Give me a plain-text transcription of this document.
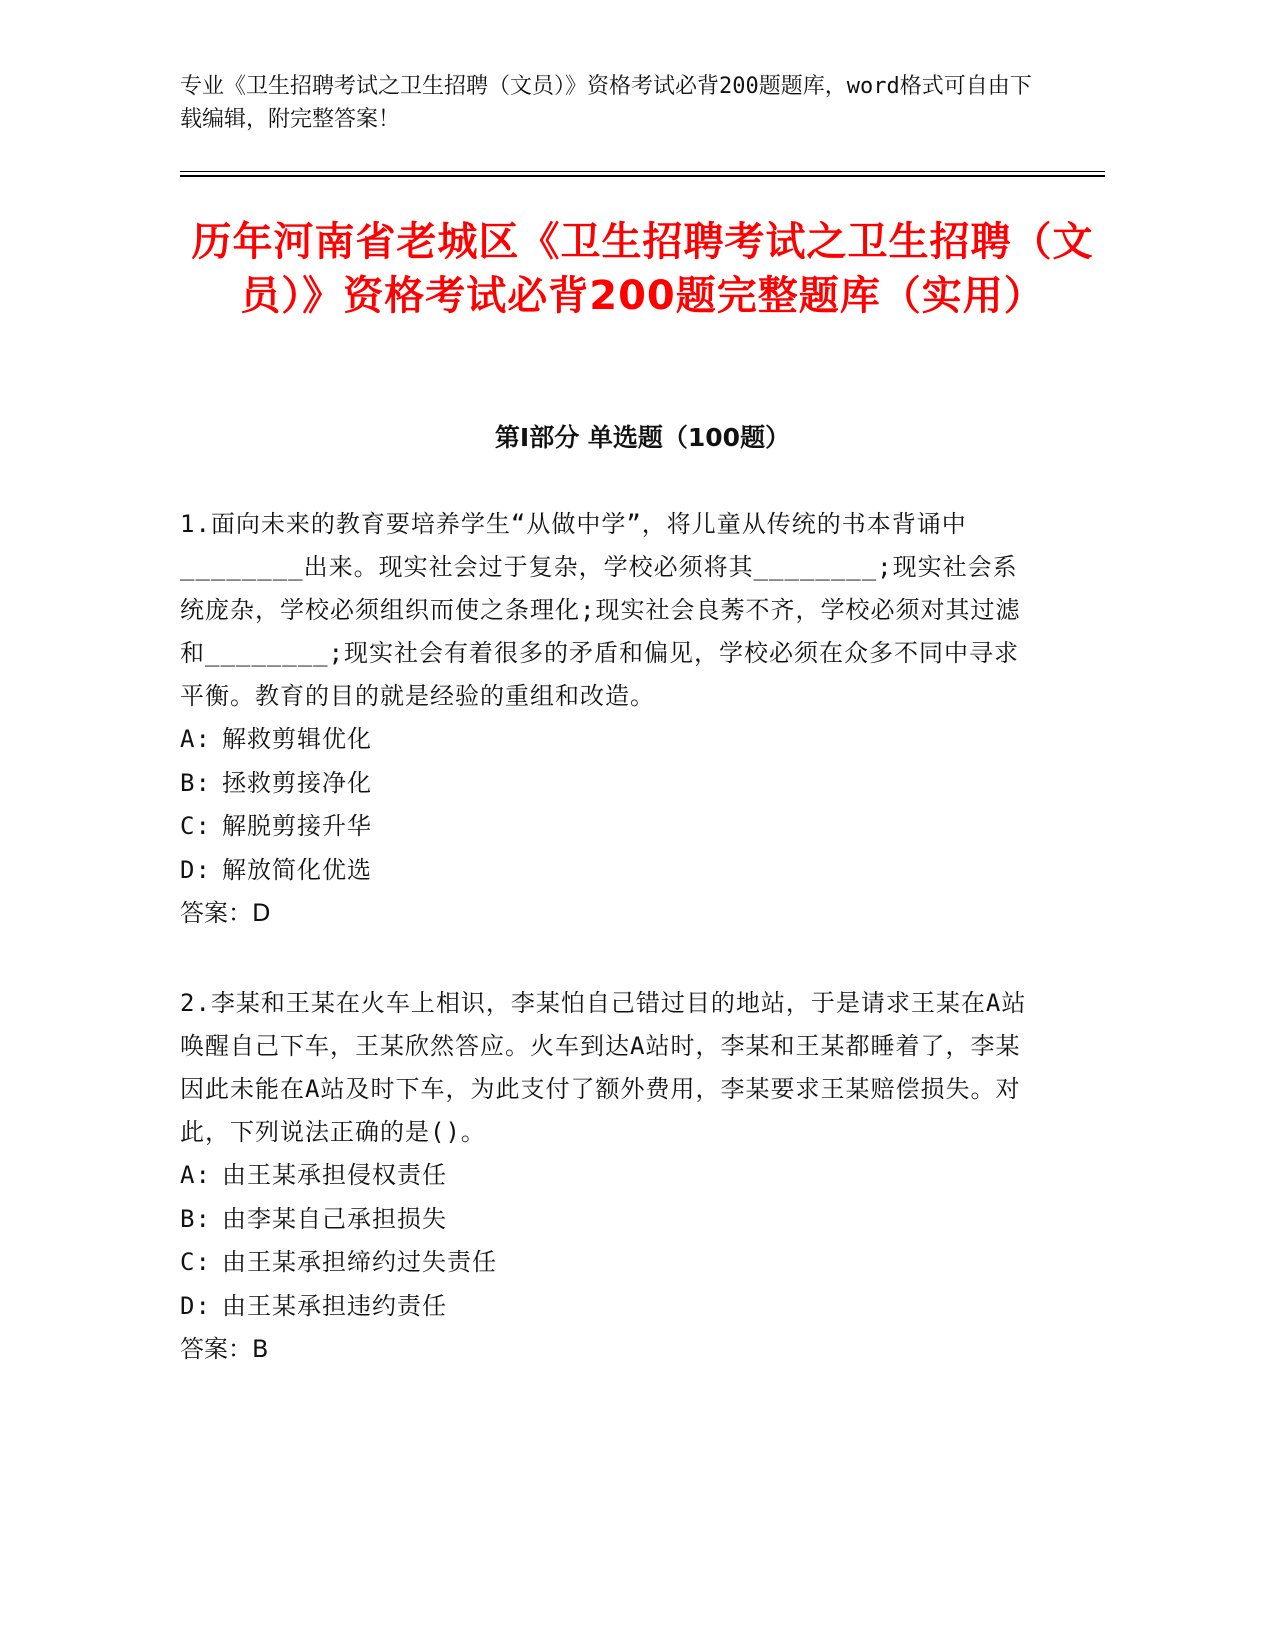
专业《卫生招聘考试之卫生招聘（文员）》资格考试必背200题题库，word格式可自由下载编辑，附完整答案！

历年河南省老城区《卫生招聘考试之卫生招聘（文员）》资格考试必背200题完整题库（实用）
第Ⅰ部分 单选题（100题）

1.面向未来的教育要培养学生“从做中学”，将儿童从传统的书本背诵中________出来。现实社会过于复杂，学校必须将其________;现实社会系统庞杂，学校必须组织而使之条理化;现实社会良莠不齐，学校必须对其过滤和________;现实社会有着很多的矛盾和偏见，学校必须在众多不同中寻求平衡。教育的目的就是经验的重组和改造。

A: 解救剪辑优化
B: 拯救剪接净化
C: 解脱剪接升华
D: 解放简化优选
答案：D

2.李某和王某在火车上相识，李某怕自己错过目的地站，于是请求王某在A站唤醒自己下车，王某欣然答应。火车到达A站时，李某和王某都睡着了，李某因此未能在A站及时下车，为此支付了额外费用，李某要求王某赔偿损失。对此，下列说法正确的是()。

A: 由王某承担侵权责任
B: 由李某自己承担损失
C: 由王某承担缔约过失责任
D: 由王某承担违约责任
答案：B
